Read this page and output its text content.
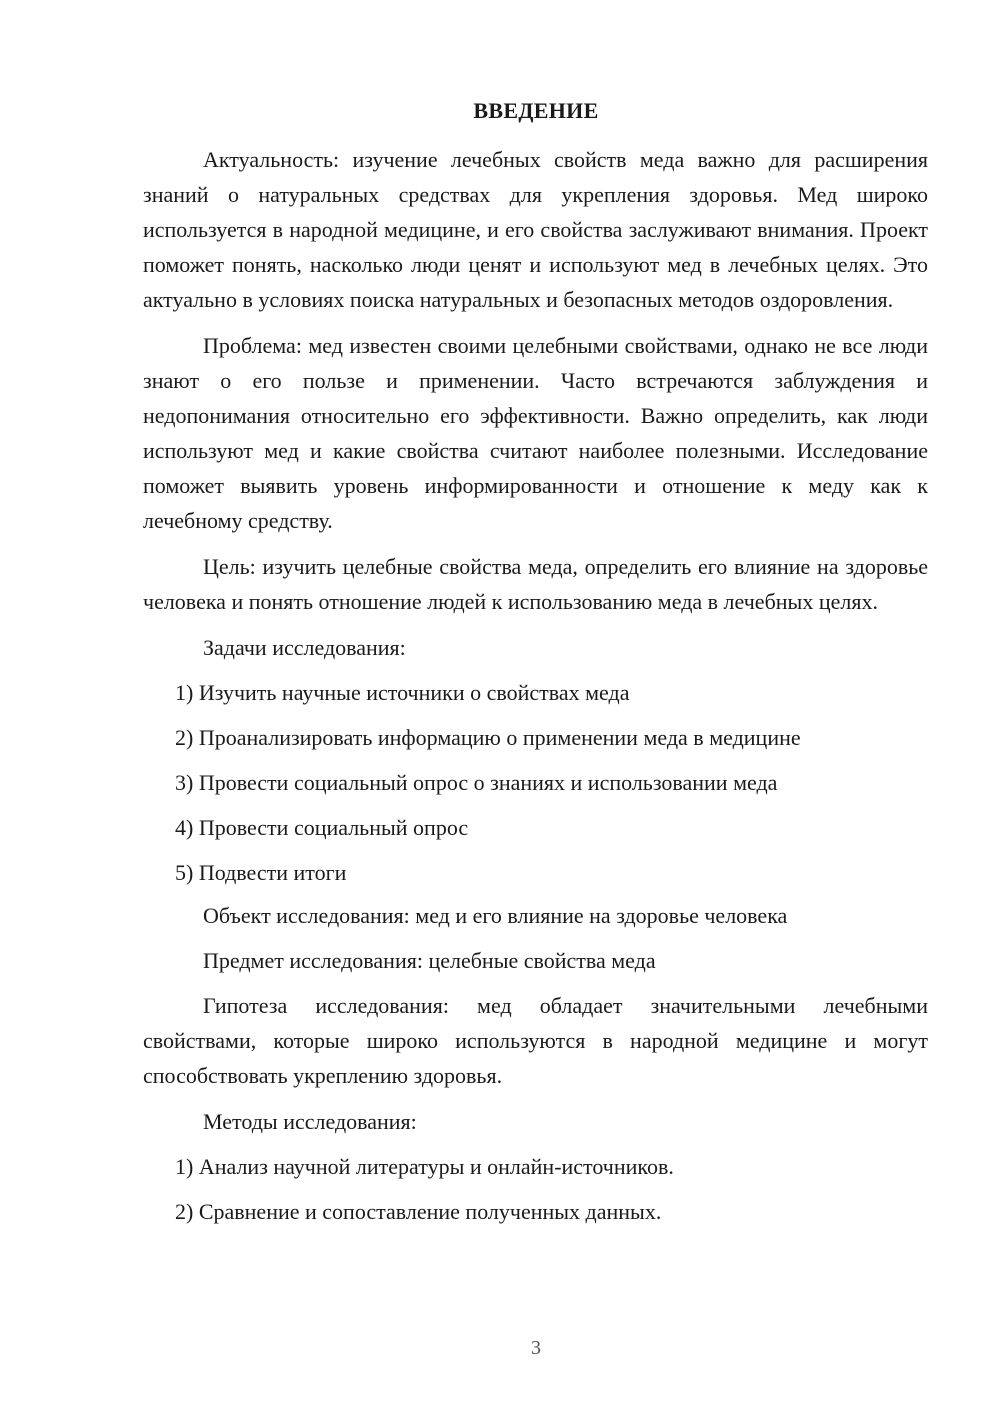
ВВЕДЕНИЕ

Актуальность: изучение лечебных свойств меда важно для расширения знаний о натуральных средствах для укрепления здоровья. Мед широко используется в народной медицине, и его свойства заслуживают внимания. Проект поможет понять, насколько люди ценят и используют мед в лечебных целях. Это актуально в условиях поиска натуральных и безопасных методов оздоровления.

Проблема: мед известен своими целебными свойствами, однако не все люди знают о его пользе и применении. Часто встречаются заблуждения и недопонимания относительно его эффективности. Важно определить, как люди используют мед и какие свойства считают наиболее полезными. Исследование поможет выявить уровень информированности и отношение к меду как к лечебному средству.

Цель: изучить целебные свойства меда, определить его влияние на здоровье человека и понять отношение людей к использованию меда в лечебных целях.

Задачи исследования:

1) Изучить научные источники о свойствах меда

2) Проанализировать информацию о применении меда в медицине

3) Провести социальный опрос о знаниях и использовании меда

4) Провести социальный опрос

5) Подвести итоги

Объект исследования: мед и его влияние на здоровье человека

Предмет исследования: целебные свойства меда

Гипотеза исследования: мед обладает значительными лечебными свойствами, которые широко используются в народной медицине и могут способствовать укреплению здоровья.

Методы исследования:

1) Анализ научной литературы и онлайн-источников.

2) Сравнение и сопоставление полученных данных.

3
